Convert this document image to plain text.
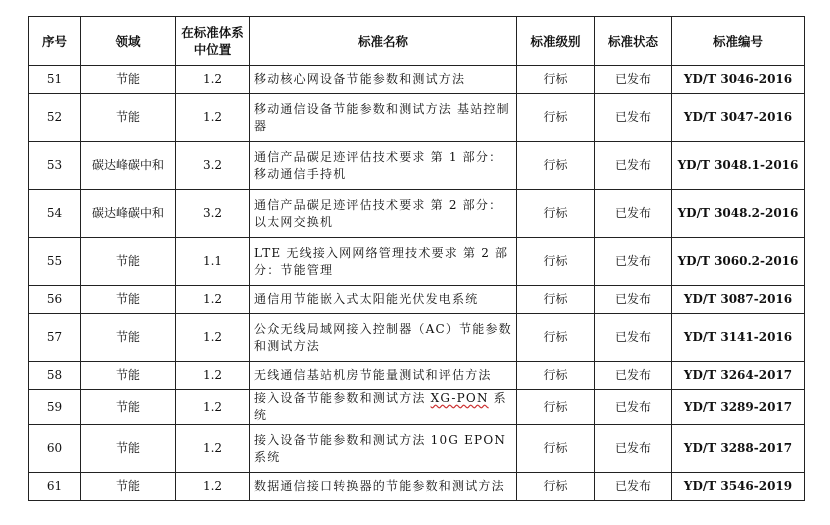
序号	领域	在标准体系中位置	标准名称	标准级别	标准状态	标准编号
51	节能	1.2	移动核心网设备节能参数和测试方法	行标	已发布	YD/T 3046-2016
52	节能	1.2	移动通信设备节能参数和测试方法 基站控制器	行标	已发布	YD/T 3047-2016
53	碳达峰碳中和	3.2	通信产品碳足迹评估技术要求 第 1 部分：移动通信手持机	行标	已发布	YD/T 3048.1-2016
54	碳达峰碳中和	3.2	通信产品碳足迹评估技术要求 第 2 部分：以太网交换机	行标	已发布	YD/T 3048.2-2016
55	节能	1.1	LTE 无线接入网网络管理技术要求 第 2 部分：节能管理	行标	已发布	YD/T 3060.2-2016
56	节能	1.2	通信用节能嵌入式太阳能光伏发电系统	行标	已发布	YD/T 3087-2016
57	节能	1.2	公众无线局域网接入控制器（AC）节能参数和测试方法	行标	已发布	YD/T 3141-2016
58	节能	1.2	无线通信基站机房节能量测试和评估方法	行标	已发布	YD/T 3264-2017
59	节能	1.2	接入设备节能参数和测试方法 XG-PON 系统	行标	已发布	YD/T 3289-2017
60	节能	1.2	接入设备节能参数和测试方法 10G EPON 系统	行标	已发布	YD/T 3288-2017
61	节能	1.2	数据通信接口转换器的节能参数和测试方法	行标	已发布	YD/T 3546-2019
